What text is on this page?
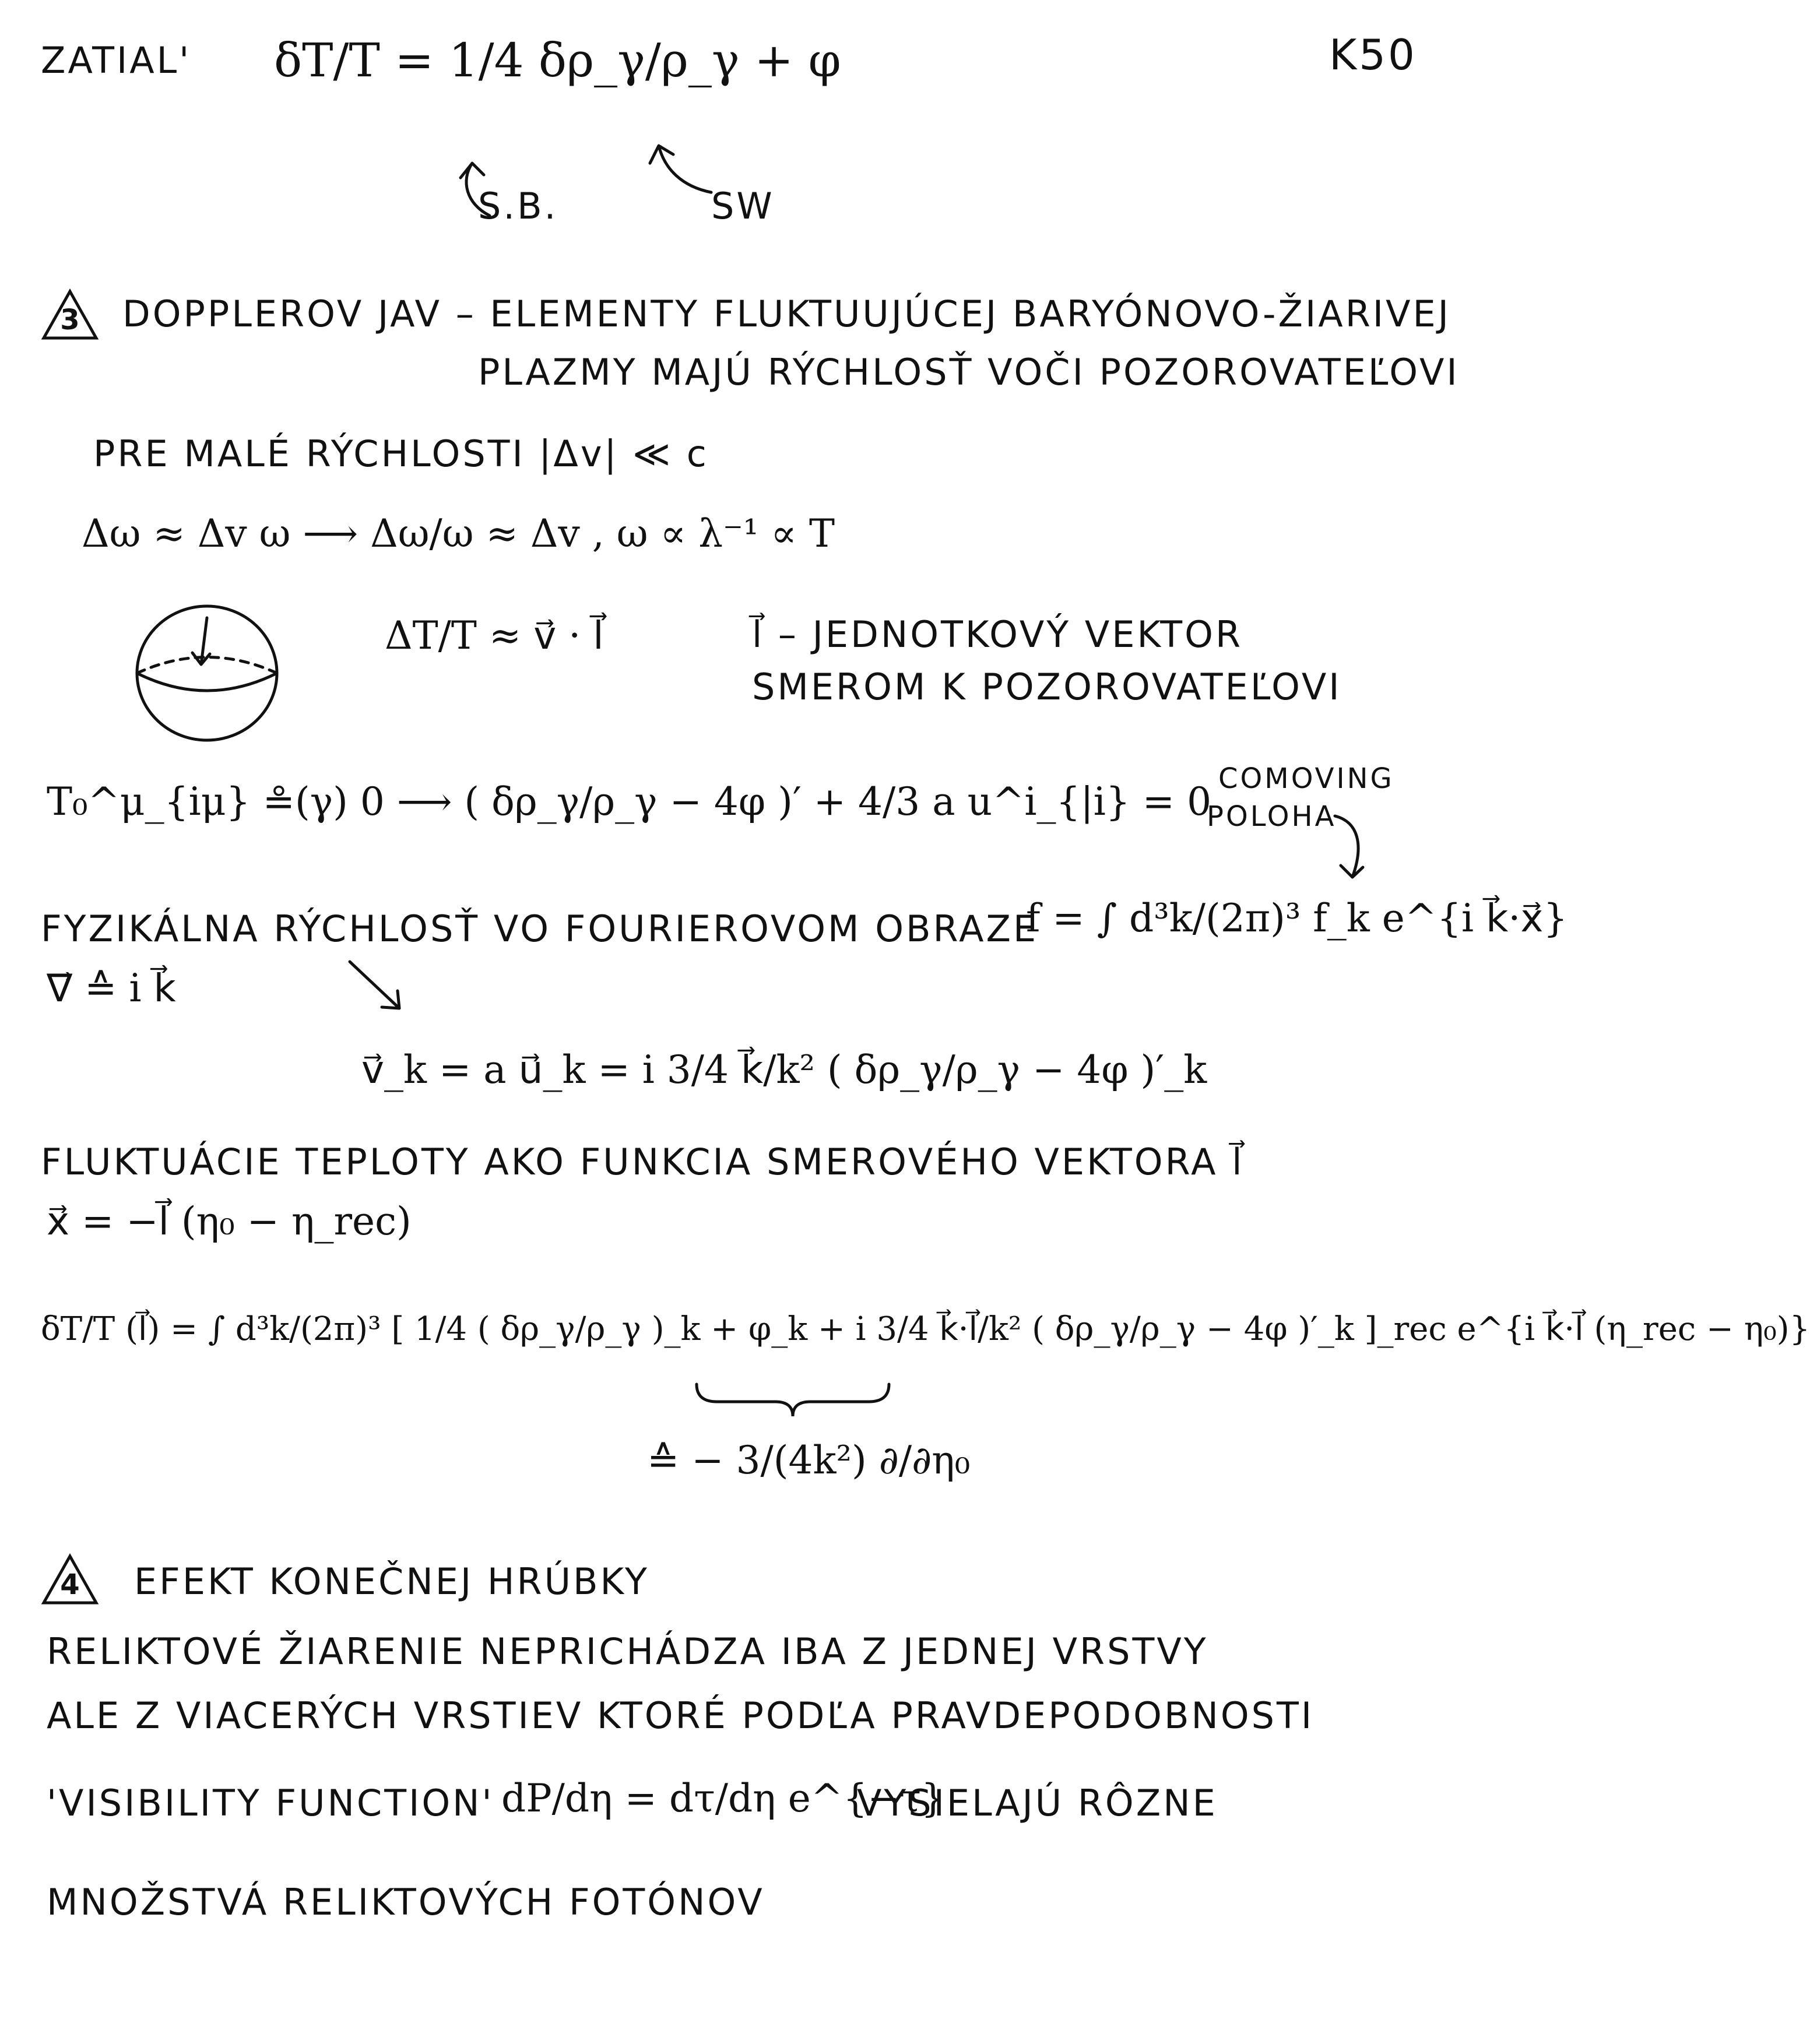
ZATIAL' δT/T = 1/4 δρ_γ/ρ_γ + φ	K50
S.B.	SW
3	DOPPLEROV JAV – ELEMENTY FLUKTUUJÚCEJ BARYÓNOVO-ŽIARIVEJ
PLAZMY MAJÚ RÝCHLOSŤ VOČI POZOROVATEĽOVI
PRE MALÉ RÝCHLOSTI |Δv| ≪ c
Δω ≈ Δv ω ⟶ Δω/ω ≈ Δv , ω ∝ λ⁻¹ ∝ T
ΔT/T ≈ v⃗ · l⃗	l⃗ – JEDNOTKOVÝ VEKTOR
SMEROM K POZOROVATEĽOVI
T₀^μ_{iμ} ≗(γ) 0 ⟶ ( δρ_γ/ρ_γ − 4φ )′ + 4/3 a u^i_{|i} = 0
COMOVING
POLOHA
FYZIKÁLNA RÝCHLOSŤ VO FOURIEROVOM OBRAZE
f = ∫ d³k/(2π)³ f_k e^{i k⃗·x⃗}
∇⃗ ≙ i k⃗
v⃗_k = a u⃗_k = i 3/4 k⃗/k² ( δρ_γ/ρ_γ − 4φ )′_k
FLUKTUÁCIE TEPLOTY AKO FUNKCIA SMEROVÉHO VEKTORA l⃗
x⃗ = −l⃗ (η₀ − η_rec)
δT/T (l⃗) = ∫ d³k/(2π)³ [ 1/4 ( δρ_γ/ρ_γ )_k + φ_k + i 3/4 k⃗·l⃗/k² ( δρ_γ/ρ_γ − 4φ )′_k ]_rec e^{i k⃗·l⃗ (η_rec − η₀)}
≙ − 3/(4k²) ∂/∂η₀
4	EFEKT KONEČNEJ HRÚBKY
RELIKTOVÉ ŽIARENIE NEPRICHÁDZA IBA Z JEDNEJ VRSTVY
ALE Z VIACERÝCH VRSTIEV KTORÉ PODĽA PRAVDEPODOBNOSTI
'VISIBILITY FUNCTION' dP/dη = dτ/dη e^{−τ}
VYSIELAJÚ RÔZNE
MNOŽSTVÁ RELIKTOVÝCH FOTÓNOV
